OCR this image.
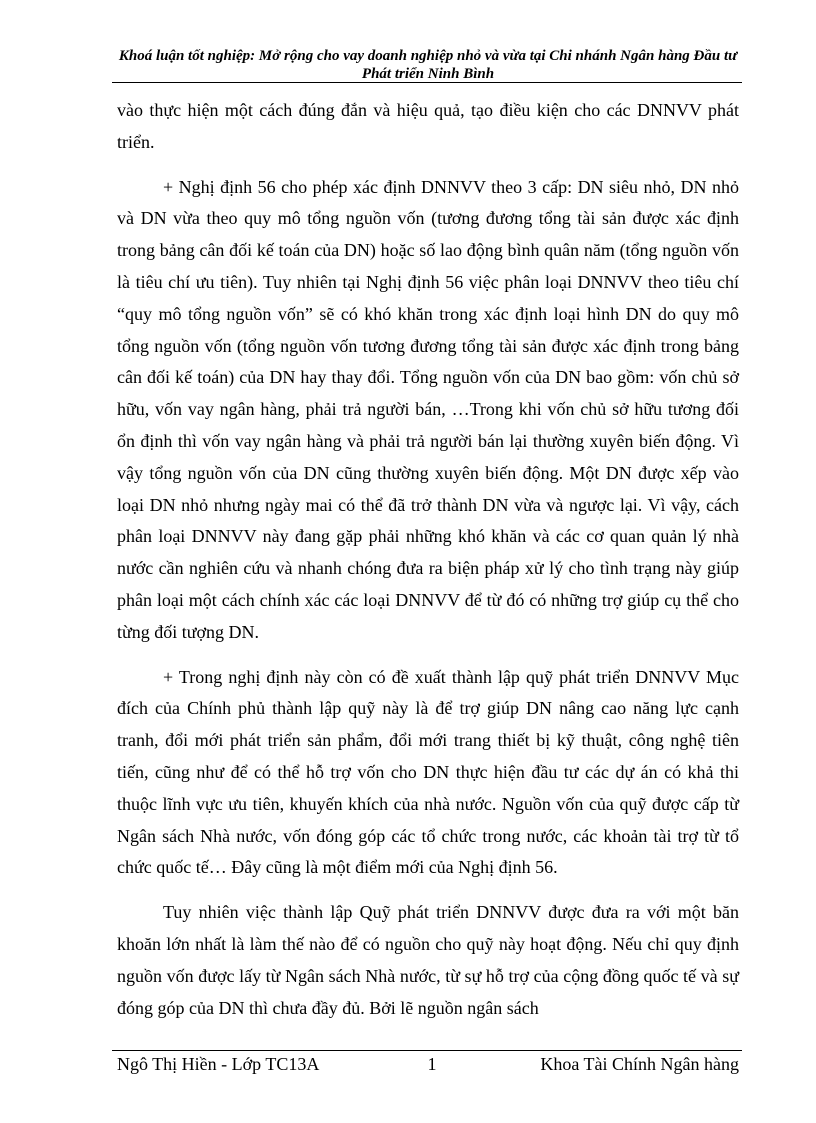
Khoá luận tốt nghiệp: Mở rộng cho vay doanh nghiệp nhỏ và vừa tại Chi nhánh Ngân hàng Đầu tư Phát triển Ninh Bình

vào thực hiện một cách đúng đắn và hiệu quả, tạo điều kiện cho các DNNVV phát triển.

+ Nghị định 56 cho phép xác định DNNVV theo 3 cấp: DN siêu nhỏ, DN nhỏ và DN vừa theo quy mô tổng nguồn vốn (tương đương tổng tài sản được xác định trong bảng cân đối kế toán của DN) hoặc số lao động bình quân năm (tổng nguồn vốn là tiêu chí ưu tiên). Tuy nhiên tại Nghị định 56 việc phân loại DNNVV theo tiêu chí “quy mô tổng nguồn vốn” sẽ có khó khăn trong xác định loại hình DN do quy mô tổng nguồn vốn (tổng nguồn vốn tương đương tổng tài sản được xác định trong bảng cân đối kế toán) của DN hay thay đổi. Tổng nguồn vốn của DN bao gồm: vốn chủ sở hữu, vốn vay ngân hàng, phải trả người bán, …Trong khi vốn chủ sở hữu tương đối ổn định thì vốn vay ngân hàng và phải trả người bán lại thường xuyên biến động. Vì vậy tổng nguồn vốn của DN cũng thường xuyên biến động. Một DN được xếp vào loại DN nhỏ nhưng ngày mai có thể đã trở thành DN vừa và ngược lại. Vì vậy, cách phân loại DNNVV này đang gặp phải những khó khăn và các cơ quan quản lý nhà nước cần nghiên cứu và nhanh chóng đưa ra biện pháp xử lý cho tình trạng này giúp phân loại một cách chính xác các loại DNNVV để từ đó có những trợ giúp cụ thể cho từng đối tượng DN.

+ Trong nghị định này còn có đề xuất thành lập quỹ phát triển DNNVV Mục đích của Chính phủ thành lập quỹ này là để trợ giúp DN nâng cao năng lực cạnh tranh, đổi mới phát triển sản phẩm, đổi mới trang thiết bị kỹ thuật, công nghệ tiên tiến, cũng như để có thể hỗ trợ vốn cho DN thực hiện đầu tư các dự án có khả thi thuộc lĩnh vực ưu tiên, khuyến khích của nhà nước. Nguồn vốn của quỹ được cấp từ Ngân sách Nhà nước, vốn đóng góp các tổ chức trong nước, các khoản tài trợ từ tổ chức quốc tế… Đây cũng là một điểm mới của Nghị định 56.

Tuy nhiên việc thành lập Quỹ phát triển DNNVV được đưa ra với một băn khoăn lớn nhất là làm thế nào để có nguồn cho quỹ này hoạt động. Nếu chỉ quy định nguồn vốn được lấy từ Ngân sách Nhà nước, từ sự hỗ trợ của cộng đồng quốc tế và sự đóng góp của DN thì chưa đầy đủ. Bởi lẽ nguồn ngân sách

Ngô Thị Hiền - Lớp TC13A	1	Khoa Tài Chính Ngân hàng
